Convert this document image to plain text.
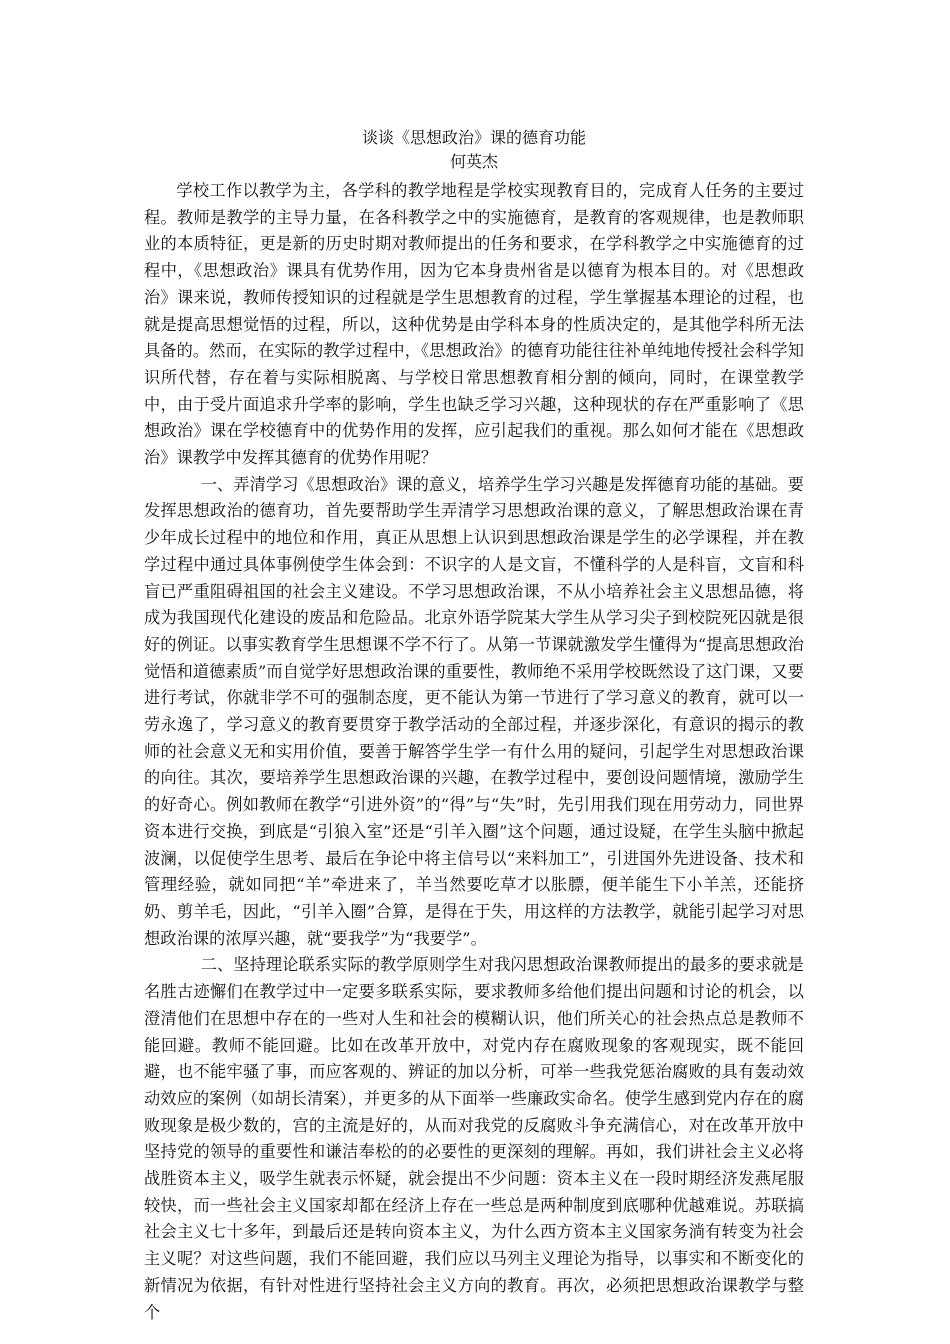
谈谈《思想政治》课的德育功能
何英杰

学校工作以教学为主，各学科的教学地程是学校实现教育目的，完成育人任务的主要过程。教师是教学的主导力量，在各科教学之中的实施德育，是教育的客观规律，也是教师职业的本质特征，更是新的历史时期对教师提出的任务和要求，在学科教学之中实施德育的过程中，《思想政治》课具有优势作用，因为它本身贵州省是以德育为根本目的。对《思想政治》课来说，教师传授知识的过程就是学生思想教育的过程，学生掌握基本理论的过程，也就是提高思想觉悟的过程，所以，这种优势是由学科本身的性质决定的，是其他学科所无法具备的。然而，在实际的教学过程中，《思想政治》的德育功能往往补单纯地传授社会科学知识所代替，存在着与实际相脱离、与学校日常思想教育相分割的倾向，同时，在课堂教学中，由于受片面追求升学率的影响，学生也缺乏学习兴趣，这种现状的存在严重影响了《思想政治》课在学校德育中的优势作用的发挥，应引起我们的重视。那么如何才能在《思想政治》课教学中发挥其德育的优势作用呢？

一、弄清学习《思想政治》课的意义，培养学生学习兴趣是发挥德育功能的基础。要发挥思想政治的德育功，首先要帮助学生弄清学习思想政治课的意义，了解思想政治课在青少年成长过程中的地位和作用，真正从思想上认识到思想政治课是学生的必学课程，并在教学过程中通过具体事例使学生体会到：不识字的人是文盲，不懂科学的人是科盲，文盲和科盲已严重阻碍祖国的社会主义建设。不学习思想政治课，不从小培养社会主义思想品德，将成为我国现代化建设的废品和危险品。北京外语学院某大学生从学习尖子到校院死囚就是很好的例证。以事实教育学生思想课不学不行了。从第一节课就激发学生懂得为“提高思想政治觉悟和道德素质”而自觉学好思想政治课的重要性，教师绝不采用学校既然设了这门课，又要进行考试，你就非学不可的强制态度，更不能认为第一节进行了学习意义的教育，就可以一劳永逸了，学习意义的教育要贯穿于教学活动的全部过程，并逐步深化，有意识的揭示的教师的社会意义无和实用价值，要善于解答学生学一有什么用的疑问，引起学生对思想政治课的向往。其次，要培养学生思想政治课的兴趣，在教学过程中，要创设问题情境，激励学生的好奇心。例如教师在教学“引进外资”的“得”与“失”时，先引用我们现在用劳动力，同世界资本进行交换，到底是“引狼入室”还是“引羊入圈”这个问题，通过设疑，在学生头脑中掀起波澜，以促使学生思考、最后在争论中将主信号以“来料加工”，引进国外先进设备、技术和管理经验，就如同把“羊”牵进来了，羊当然要吃草才以胀膘，便羊能生下小羊羔，还能挤奶、剪羊毛，因此，“引羊入圈”合算，是得在于失，用这样的方法教学，就能引起学习对思想政治课的浓厚兴趣，就“要我学”为“我要学”。

二、坚持理论联系实际的教学原则学生对我闪思想政治课教师提出的最多的要求就是名胜古迹懈们在教学过中一定要多联系实际，要求教师多给他们提出问题和讨论的机会，以澄清他们在思想中存在的一些对人生和社会的模糊认识，他们所关心的社会热点总是教师不能回避。教师不能回避。比如在改革开放中，对党内存在腐败现象的客观现实，既不能回避，也不能牢骚了事，而应客观的、辨证的加以分析，可举一些我党惩治腐败的具有轰动效动效应的案例（如胡长清案），并更多的从下面举一些廉政实命名。使学生感到党内存在的腐败现象是极少数的，宫的主流是好的，从而对我党的反腐败斗争充满信心，对在改革开放中坚持党的领导的重要性和谦洁奉松的的必要性的更深刻的理解。再如，我们讲社会主义必将战胜资本主义，吸学生就表示怀疑，就会提出不少问题：资本主义在一段时期经济发燕尾服较快，而一些社会主义国家却都在经济上存在一些总是两种制度到底哪种优越难说。苏联搞社会主义七十多年，到最后还是转向资本主义，为什么西方资本主义国家务淌有转变为社会主义呢？对这些问题，我们不能回避，我们应以马列主义理论为指导，以事实和不断变化的新情况为依据，有针对性进行坚持社会主义方向的教育。再次，必须把思想政治课教学与整个
